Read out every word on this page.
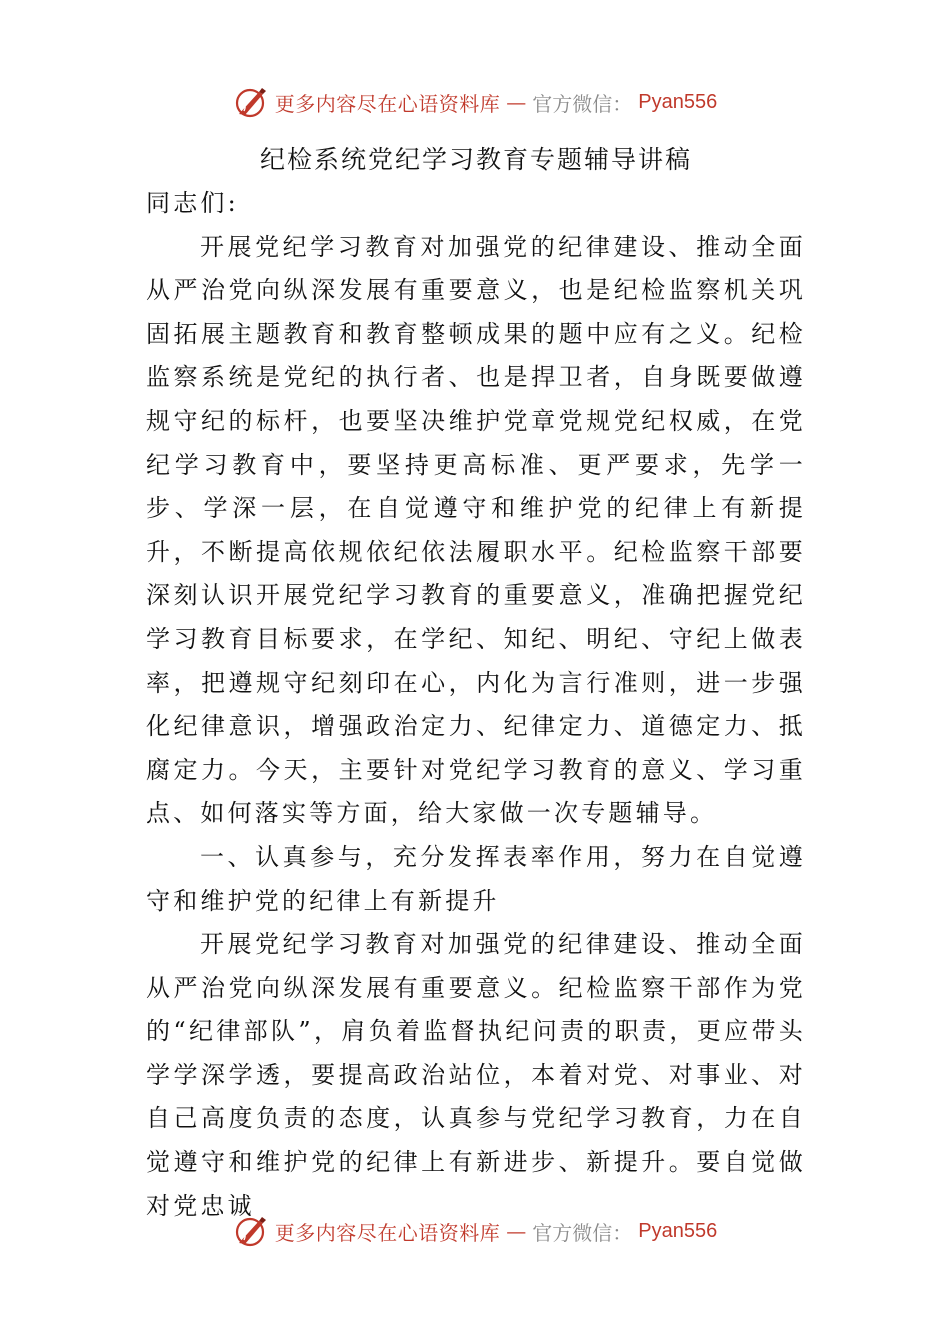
更多内容尽在心语资料库 — 官方微信： Pyan556
纪检系统党纪学习教育专题辅导讲稿

同志们:

开展党纪学习教育对加强党的纪律建设、推动全面从严治党向纵深发展有重要意义，也是纪检监察机关巩固拓展主题教育和教育整顿成果的题中应有之义。纪检监察系统是党纪的执行者、也是捍卫者，自身既要做遵规守纪的标杆，也要坚决维护党章党规党纪权威，在党纪学习教育中，要坚持更高标准、更严要求，先学一步、学深一层，在自觉遵守和维护党的纪律上有新提升，不断提高依规依纪依法履职水平。纪检监察干部要深刻认识开展党纪学习教育的重要意义，准确把握党纪学习教育目标要求，在学纪、知纪、明纪、守纪上做表率，把遵规守纪刻印在心，内化为言行准则，进一步强化纪律意识，增强政治定力、纪律定力、道德定力、抵腐定力。今天，主要针对党纪学习教育的意义、学习重点、如何落实等方面，给大家做一次专题辅导。

一、认真参与，充分发挥表率作用，努力在自觉遵守和维护党的纪律上有新提升

开展党纪学习教育对加强党的纪律建设、推动全面从严治党向纵深发展有重要意义。纪检监察干部作为党的“纪律部队”，肩负着监督执纪问责的职责，更应带头学学深学透，要提高政治站位，本着对党、对事业、对自己高度负责的态度，认真参与党纪学习教育，力在自觉遵守和维护党的纪律上有新进步、新提升。要自觉做对党忠诚

更多内容尽在心语资料库 — 官方微信： Pyan556
